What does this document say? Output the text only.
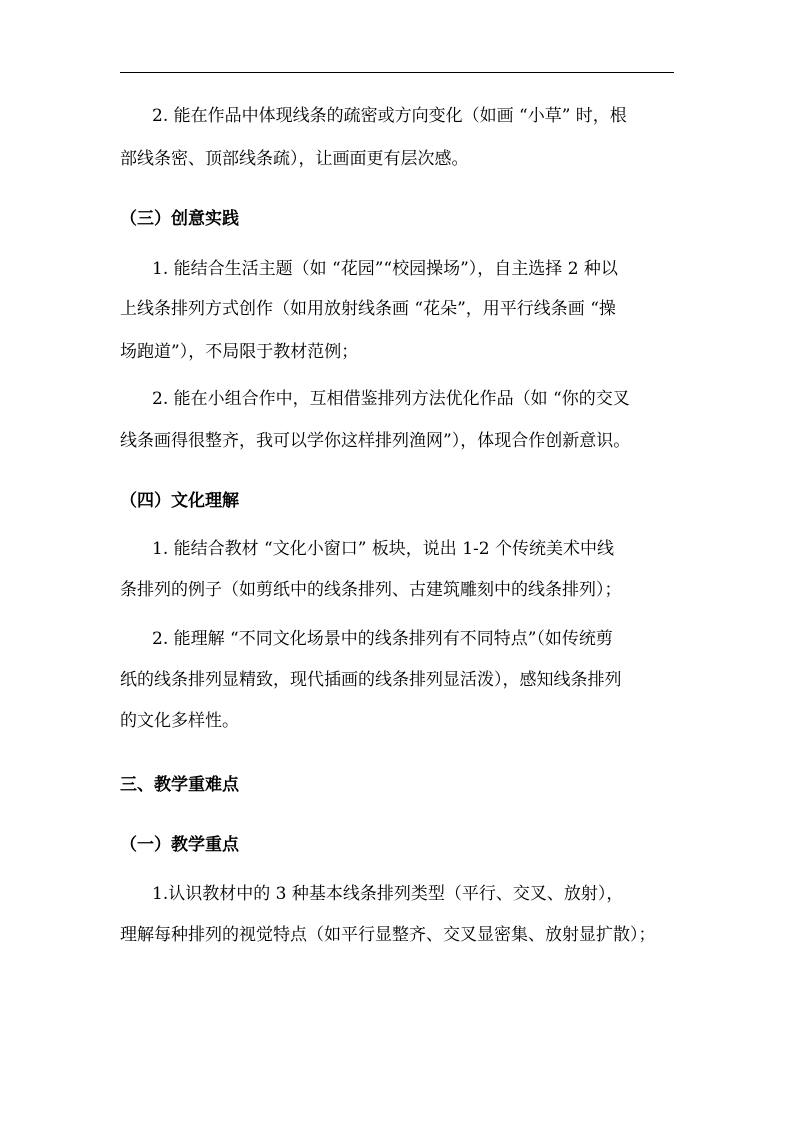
2. 能在作品中体现线条的疏密或方向变化（如画 “小草” 时，根
部线条密、顶部线条疏），让画面更有层次感。
（三）创意实践
1. 能结合生活主题（如 “花园”“校园操场”），自主选择 2 种以
上线条排列方式创作（如用放射线条画 “花朵”，用平行线条画 “操
场跑道”），不局限于教材范例；
2. 能在小组合作中，互相借鉴排列方法优化作品（如 “你的交叉
线条画得很整齐，我可以学你这样排列渔网”），体现合作创新意识。
（四）文化理解
1. 能结合教材 “文化小窗口” 板块，说出 1-2 个传统美术中线
条排列的例子（如剪纸中的线条排列、古建筑雕刻中的线条排列）；
2. 能理解 “不同文化场景中的线条排列有不同特点”（如传统剪
纸的线条排列显精致，现代插画的线条排列显活泼），感知线条排列
的文化多样性。
三、教学重难点
（一）教学重点
1.认识教材中的 3 种基本线条排列类型（平行、交叉、放射），
理解每种排列的视觉特点（如平行显整齐、交叉显密集、放射显扩散）；
